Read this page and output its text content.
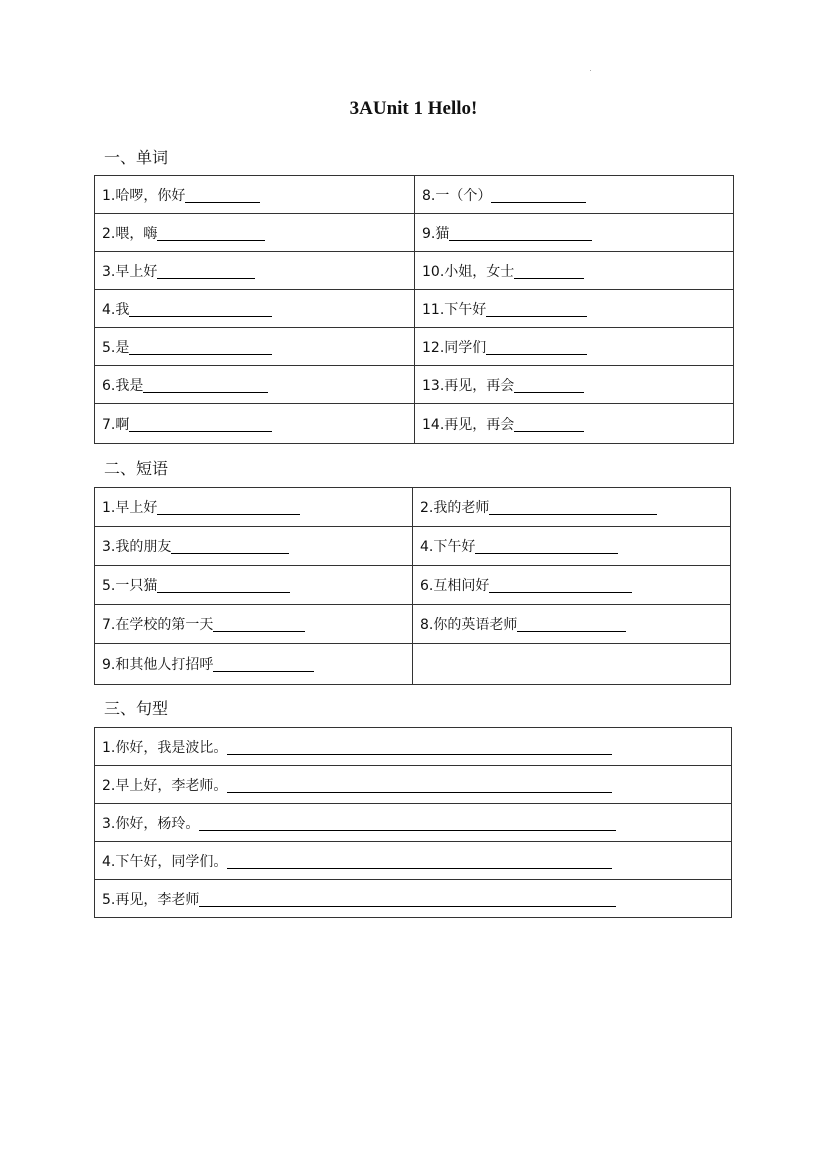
3AUnit 1 Hello!
一、单词
1.哈啰，你好	8.一（个）
2.喂，嗨	9.猫
3.早上好	10.小姐，女士
4.我	11.下午好
5.是	12.同学们
6.我是	13.再见，再会
7.啊	14.再见，再会
二、短语
1.早上好	2.我的老师
3.我的朋友	4.下午好
5.一只猫	6.互相问好
7.在学校的第一天	8.你的英语老师
9.和其他人打招呼	
三、句型
1.你好，我是波比。
2.早上好，李老师。
3.你好，杨玲。
4.下午好，同学们。
5.再见，李老师
